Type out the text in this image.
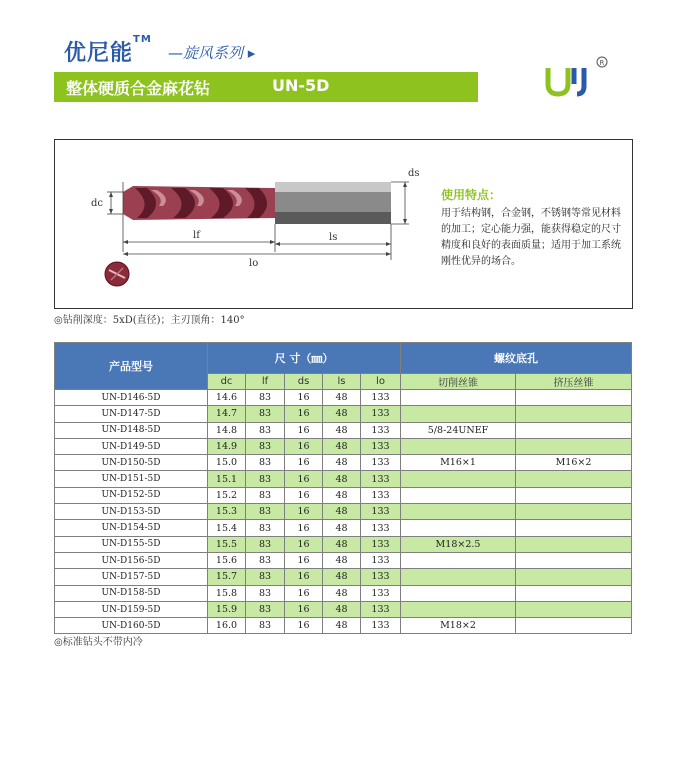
优尼能™
—旋风系列 ▸
整体硬质合金麻花钻	UN-5D
R
dc
ds
lf
lo
ls
使用特点：
用于结构钢，合金钢，不锈钢等常见材料的加工；定心能力强，能获得稳定的尺寸精度和良好的表面质量；适用于加工系统刚性优异的场合。
◎钻削深度：5xD(直径)；主刃顶角：140°
产品型号	尺 寸（㎜）					螺纹底孔	
	dc	lf	ds	ls	lo	切削丝锥	挤压丝锥
UN-D146-5D	14.6	83	16	48	133		
UN-D147-5D	14.7	83	16	48	133		
UN-D148-5D	14.8	83	16	48	133	5/8-24UNEF	
UN-D149-5D	14.9	83	16	48	133		
UN-D150-5D	15.0	83	16	48	133	M16×1	M16×2
UN-D151-5D	15.1	83	16	48	133		
UN-D152-5D	15.2	83	16	48	133		
UN-D153-5D	15.3	83	16	48	133		
UN-D154-5D	15.4	83	16	48	133		
UN-D155-5D	15.5	83	16	48	133	M18×2.5	
UN-D156-5D	15.6	83	16	48	133		
UN-D157-5D	15.7	83	16	48	133		
UN-D158-5D	15.8	83	16	48	133		
UN-D159-5D	15.9	83	16	48	133		
UN-D160-5D	16.0	83	16	48	133	M18×2	
◎标准钻头不带内冷
